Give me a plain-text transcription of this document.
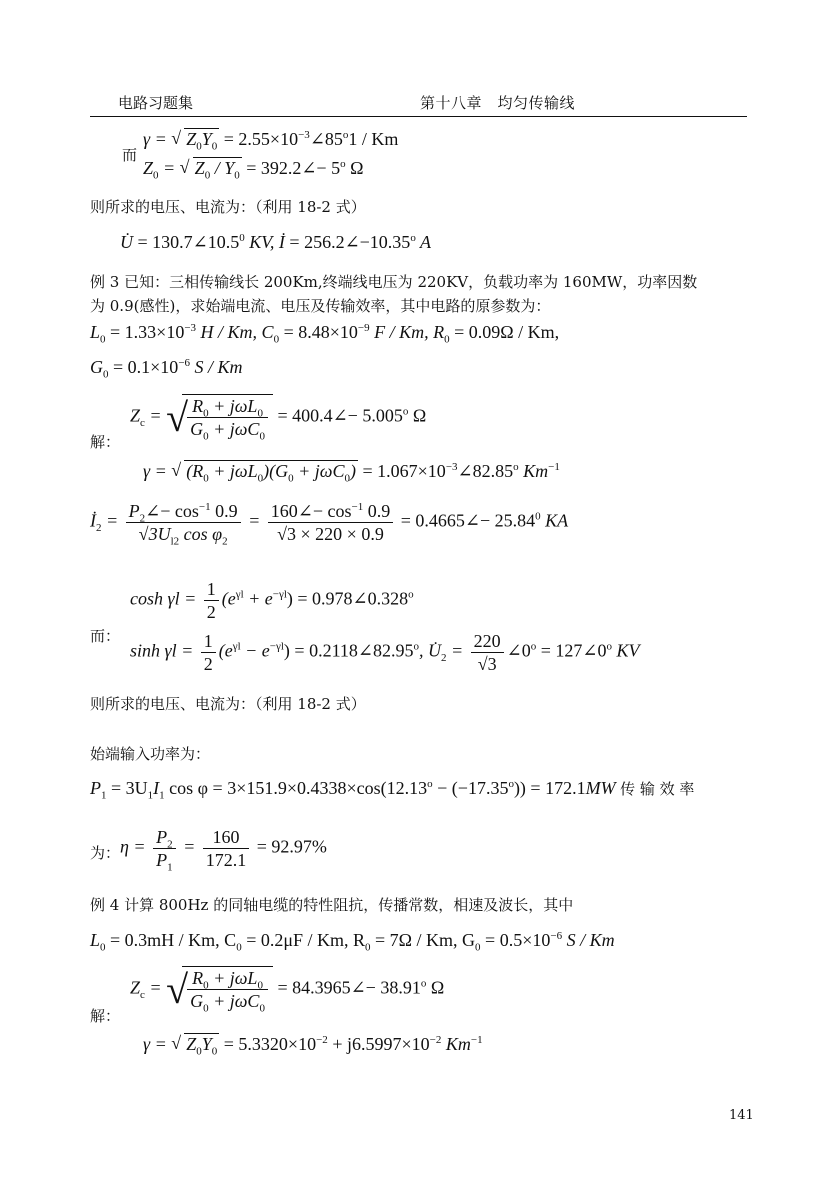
电路习题集	第十八章　均匀传输线
γ = √ $Z_0Y_0$ = $2.55\times 10^{-3}\angle 85^o1 / Km$
而
$Z_0$ = √ $Z_0 / Y_0$ = 392.2∠− $5^o$ Ω
则所求的电压、电流为：（利用 18-2 式）
U̇ = $130.7\angle 10.5^0$ KV, İ = $256.2\angle-10.35^o$ A
例 3 已知：三相传输线长 200Km,终端线电压为 220KV，负载功率为 160MW，功率因数
为 0.9(感性)，求始端电流、电压及传输效率，其中电路的原参数为：
$L_0 = 1.33\times 10^{-3}$ H / Km, $C_0 = 8.48\times 10^{-9}$ F / Km, $R_0 = 0.09\Omega / Km$,
$G_0 = 0.1\times 10^{-6}$ S / Km
解：
$Z_c$ = √ $\frac{R_0 + j\omega L_0}{G_0 + j\omega C_0}$ = 400.4∠− $5.005^o$ Ω
γ = √ $(R_0 + j\omega L_0)(G_0 + j\omega C_0)$ = $1.067\times 10^{-3}\angle 82.85^o$ $Km^{-1}$
$İ_2 = \frac{P_2\angle- \cos^{-1} 0.9}{√3U_{l2} \cos \varphi_2} = \frac{160\angle- \cos^{-1} 0.9}{√3 \times 220 \times 0.9}$ = 0.4665∠− $25.84^0$ KA
$\cosh \gamma l = \frac{1}{2} (e^{\gamma l} + e^{-\gamma l})$ = $0.978\angle 0.328^o$
而：
$\sinh \gamma l = \frac{1}{2} (e^{\gamma l} - e^{-\gamma l})$ = $0.2118\angle 82.95^o$, $U̇_2 = \frac{220}{√3}$ $\angle 0^o$ = $127\angle 0^o$ KV
则所求的电压、电流为：（利用 18-2 式）
始端输入功率为：
$P_1 = 3U_1I_1$ $\cos \varphi = 3\times 151.9\times 0.4338\times\cos(12.13^o - (-17.35^o)) = 172.1MW$ 传 输 效 率
为： $\eta = \frac{P_2}{P_1} = \frac{160}{172.1} = 92.97\%$
例 4 计算 800Hz 的同轴电缆的特性阻抗，传播常数，相速及波长，其中
$L_0 = 0.3mH / Km$, $C_0 = 0.2\mu F / Km$, $R_0 = 7\Omega / Km$, $G_0 = 0.5\times 10^{-6}$ S / Km
解：
$Z_c$ = √ $\frac{R_0 + j\omega L_0}{G_0 + j\omega C_0}$ = 84.3965∠− $38.91^o$ Ω
γ = √ $Z_0Y_0 = 5.3320\times 10^{-2} + j6.5997\times 10^{-2}$ $Km^{-1}$
141
